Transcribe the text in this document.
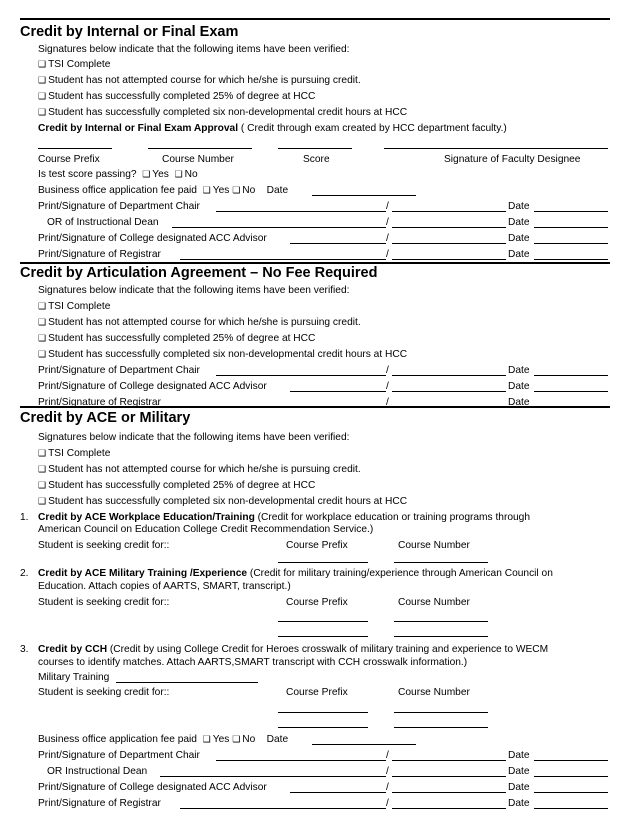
Credit by Internal or Final Exam
Signatures below indicate that the following items have been verified:
❑ TSI Complete
❑ Student has not attempted course for which he/she is pursuing credit.
❑ Student has successfully completed 25% of degree at HCC
❑ Student has successfully completed six non-developmental credit hours at HCC
Credit by Internal or Final Exam Approval ( Credit through exam created by HCC department faculty.)
Course Prefix	Course Number	Score	Signature of Faculty Designee
Is test score passing? ❑ Yes ❑ No
Business office application fee paid ❑ Yes ❑ No Date
Print/Signature of Department Chair	/	Date
OR of Instructional Dean	/	Date
Print/Signature of College designated ACC Advisor	/	Date
Print/Signature of Registrar	/	Date
Credit by Articulation Agreement – No Fee Required
Signatures below indicate that the following items have been verified:
❑ TSI Complete
❑ Student has not attempted course for which he/she is pursuing credit.
❑ Student has successfully completed 25% of degree at HCC
❑ Student has successfully completed six non-developmental credit hours at HCC
Print/Signature of Department Chair	/	Date
Print/Signature of College designated ACC Advisor	/	Date
Print/Signature of Registrar	/	Date
Credit by ACE or Military
Signatures below indicate that the following items have been verified:
❑ TSI Complete
❑ Student has not attempted course for which he/she is pursuing credit.
❑ Student has successfully completed 25% of degree at HCC
❑ Student has successfully completed six non-developmental credit hours at HCC
1. Credit by ACE Workplace Education/Training (Credit for workplace education or training programs through
American Council on Education College Credit Recommendation Service.)
Student is seeking credit for::	Course Prefix	Course Number
2. Credit by ACE Military Training /Experience (Credit for military training/experience through American Council on
Education. Attach copies of AARTS, SMART, transcript.)
Student is seeking credit for::	Course Prefix	Course Number
3. Credit by CCH (Credit by using College Credit for Heroes crosswalk of military training and experience to WECM
courses to identify matches. Attach AARTS,SMART transcript with CCH crosswalk information.)
Military Training
Student is seeking credit for::	Course Prefix	Course Number
Business office application fee paid ❑ Yes ❑ No Date
Print/Signature of Department Chair	/	Date
OR Instructional Dean	/	Date
Print/Signature of College designated ACC Advisor	/	Date
Print/Signature of Registrar	/	Date
